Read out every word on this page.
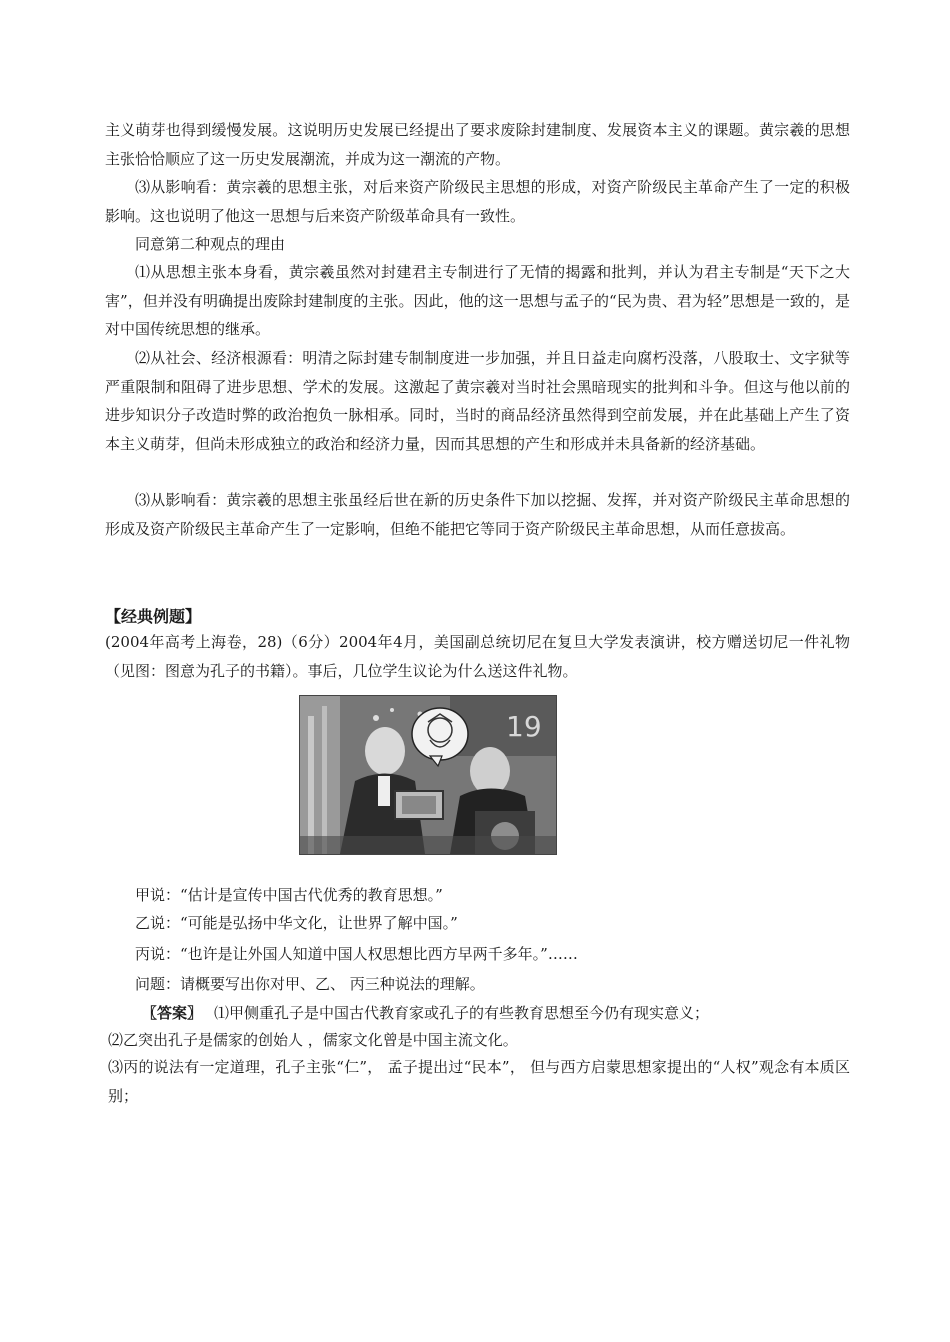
主义萌芽也得到缓慢发展。这说明历史发展已经提出了要求废除封建制度、发展资本主义的课题。黄宗羲的思想主张恰恰顺应了这一历史发展潮流，并成为这一潮流的产物。

⑶从影响看：黄宗羲的思想主张，对后来资产阶级民主思想的形成，对资产阶级民主革命产生了一定的积极影响。这也说明了他这一思想与后来资产阶级革命具有一致性。

同意第二种观点的理由

⑴从思想主张本身看，黄宗羲虽然对封建君主专制进行了无情的揭露和批判，并认为君主专制是“天下之大害”，但并没有明确提出废除封建制度的主张。因此，他的这一思想与孟子的“民为贵、君为轻”思想是一致的，是对中国传统思想的继承。

⑵从社会、经济根源看：明清之际封建专制制度进一步加强，并且日益走向腐朽没落，八股取士、文字狱等严重限制和阻碍了进步思想、学术的发展。这激起了黄宗羲对当时社会黑暗现实的批判和斗争。但这与他以前的进步知识分子改造时弊的政治抱负一脉相承。同时，当时的商品经济虽然得到空前发展，并在此基础上产生了资本主义萌芽，但尚未形成独立的政治和经济力量，因而其思想的产生和形成并未具备新的经济基础。

⑶从影响看：黄宗羲的思想主张虽经后世在新的历史条件下加以挖掘、发挥，并对资产阶级民主革命思想的形成及资产阶级民主革命产生了一定影响，但绝不能把它等同于资产阶级民主革命思想，从而任意拔高。

【经典例题】

(2004年高考上海卷，28)（6分）2004年4月，美国副总统切尼在复旦大学发表演讲，校方赠送切尼一件礼物（见图：图意为孔子的书籍）。事后，几位学生议论为什么送这件礼物。

19

甲说：“估计是宣传中国古代优秀的教育思想。”

乙说：“可能是弘扬中华文化，让世界了解中国。”

丙说：“也许是让外国人知道中国人权思想比西方早两千多年。”……

问题：请概要写出你对甲、乙、 丙三种说法的理解。

〖答案〗 ⑴甲侧重孔子是中国古代教育家或孔子的有些教育思想至今仍有现实意义；

⑵乙突出孔子是儒家的创始人 ，儒家文化曾是中国主流文化。

⑶丙的说法有一定道理，孔子主张“仁”， 孟子提出过“民本”， 但与西方启蒙思想家提出的“人权”观念有本质区别；
